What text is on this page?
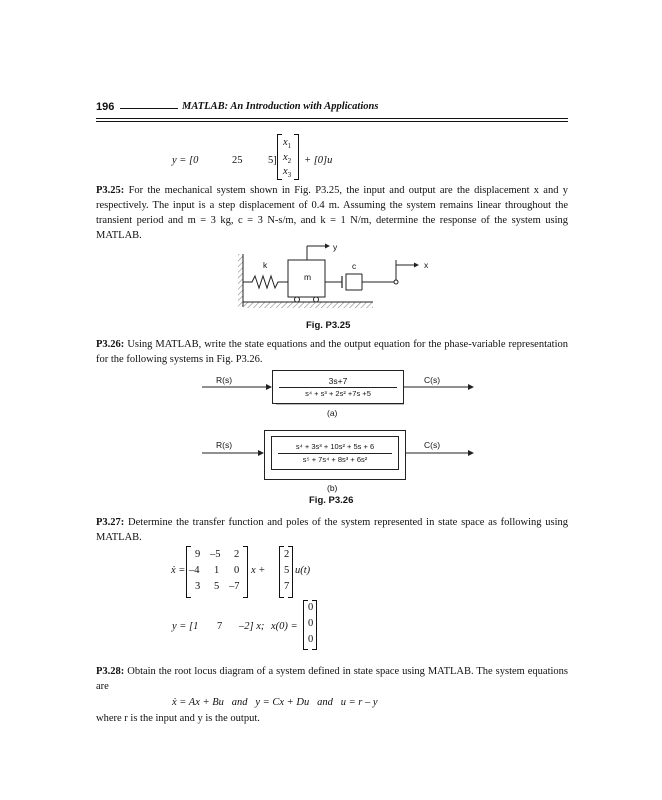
196	MATLAB: An Introduction with Applications
y = [0	25 5]
$x_1$
$x_2$
$x_3$
+ [0]u
P3.25: For the mechanical system shown in Fig. P3.25, the input and output are the displacement x and y respectively. The input is a step displacement of 0.4 m. Assuming the system remains linear throughout the transient period and m = 3 kg, c = 3 N-s/m, and k = 1 N/m, determine the response of the system using MATLAB.
k
m
c
y
x
Fig. P3.25
P3.26: Using MATLAB, write the state equations and the output equation for the phase-variable representation for the following systems in Fig. P3.26.
R(s)	C(s)
3s+7
s⁴ + s³ + 2s² +7s +5
(a)
R(s)	C(s)
s⁴ + 3s³ + 10s² + 5s + 6
s⁵ + 7s⁴ + 8s³ + 6s²
(b)
Fig. P3.26
P3.27: Determine the transfer function and poles of the system represented in state space as following using MATLAB.
ẋ =
9 –5 2
–4 1 0
3 5 –7
x +
2
5
7
u(t)
y = [1 7 –2] x; x(0) =
0
0
0
P3.28: Obtain the root locus diagram of a system defined in state space using MATLAB. The system equations are
ẋ = Ax + Bu   and   y = Cx + Du   and   u = r – y
where r is the input and y is the output.
